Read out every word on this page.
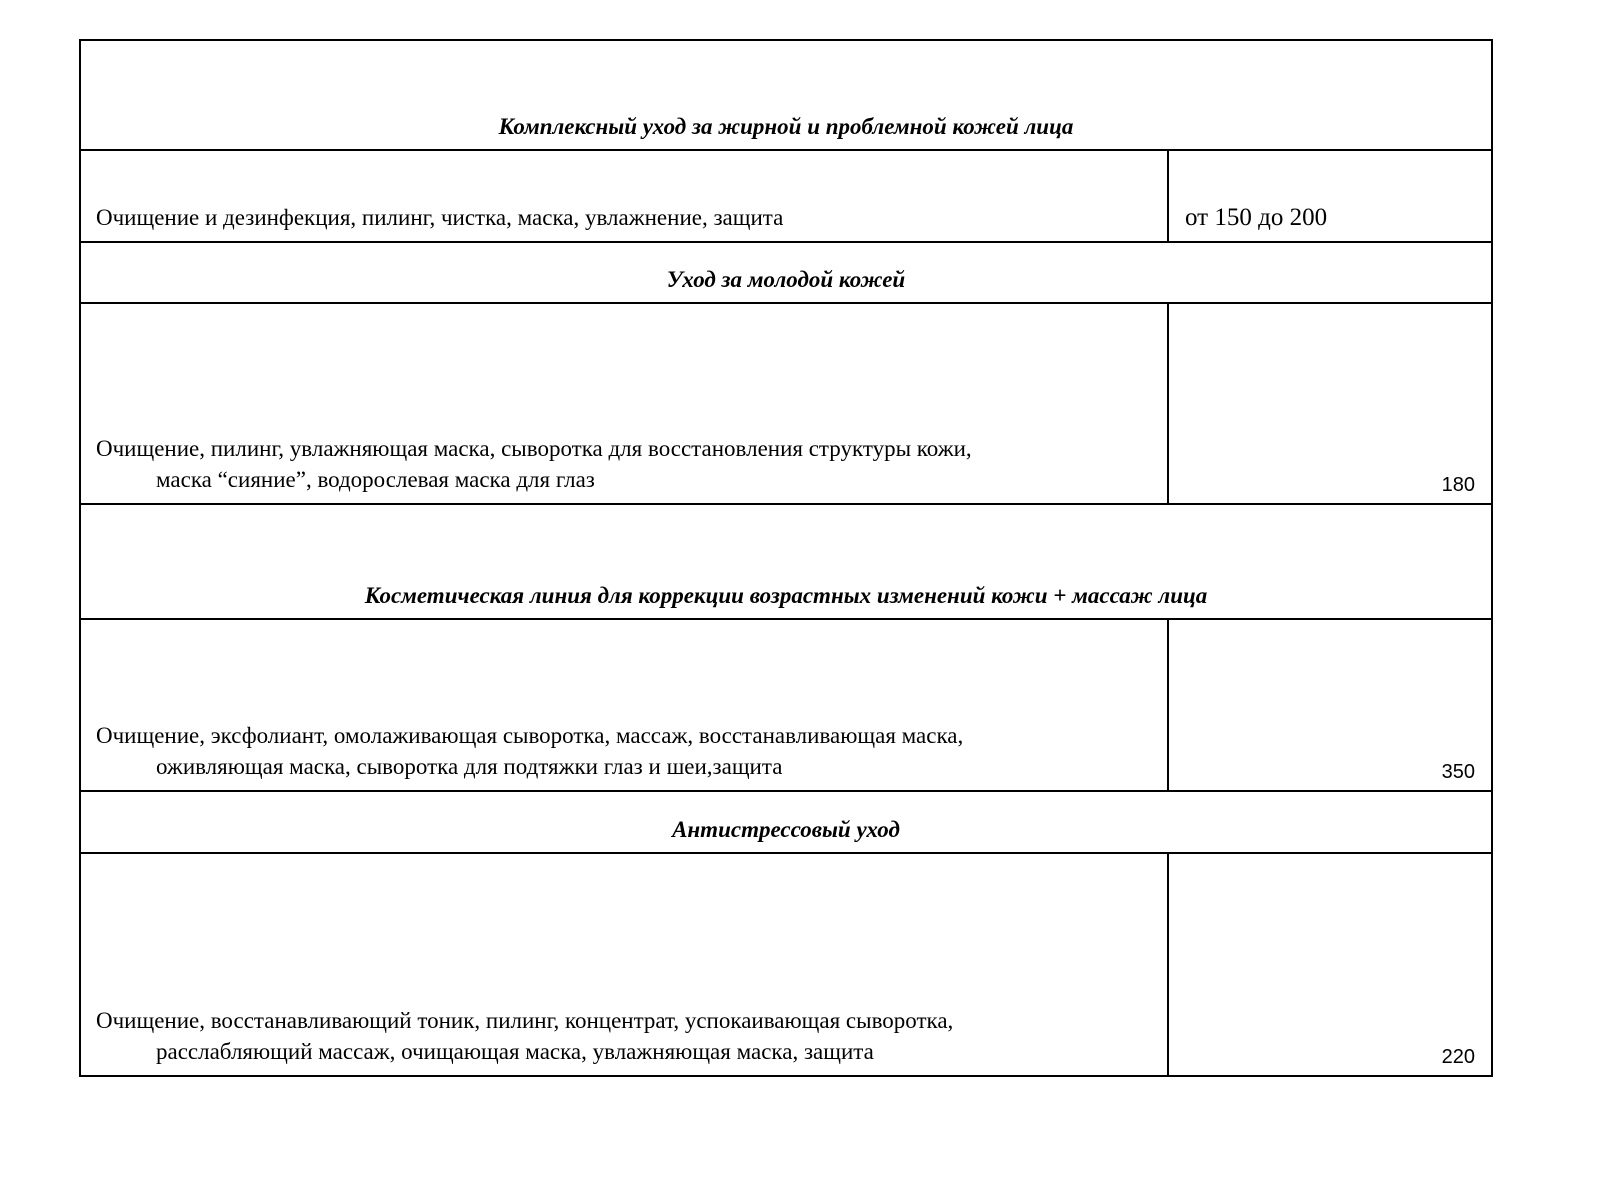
Комплексный уход за жирной и проблемной кожей лица
Очищение и дезинфекция, пилинг, чистка, маска, увлажнение, защита	от 150 до 200
Уход за молодой кожей
Очищение, пилинг, увлажняющая маска, сыворотка для восстановления структуры кожи,
маска “сияние”, водорослевая маска для глаз	180
Косметическая линия для коррекции возрастных изменений кожи + массаж лица
Очищение, эксфолиант, омолаживающая сыворотка, массаж, восстанавливающая маска,
оживляющая маска, сыворотка для подтяжки глаз и шеи,защита	350
Антистрессовый уход
Очищение, восстанавливающий тоник, пилинг, концентрат, успокаивающая сыворотка,
расслабляющий массаж, очищающая маска, увлажняющая маска, защита	220
